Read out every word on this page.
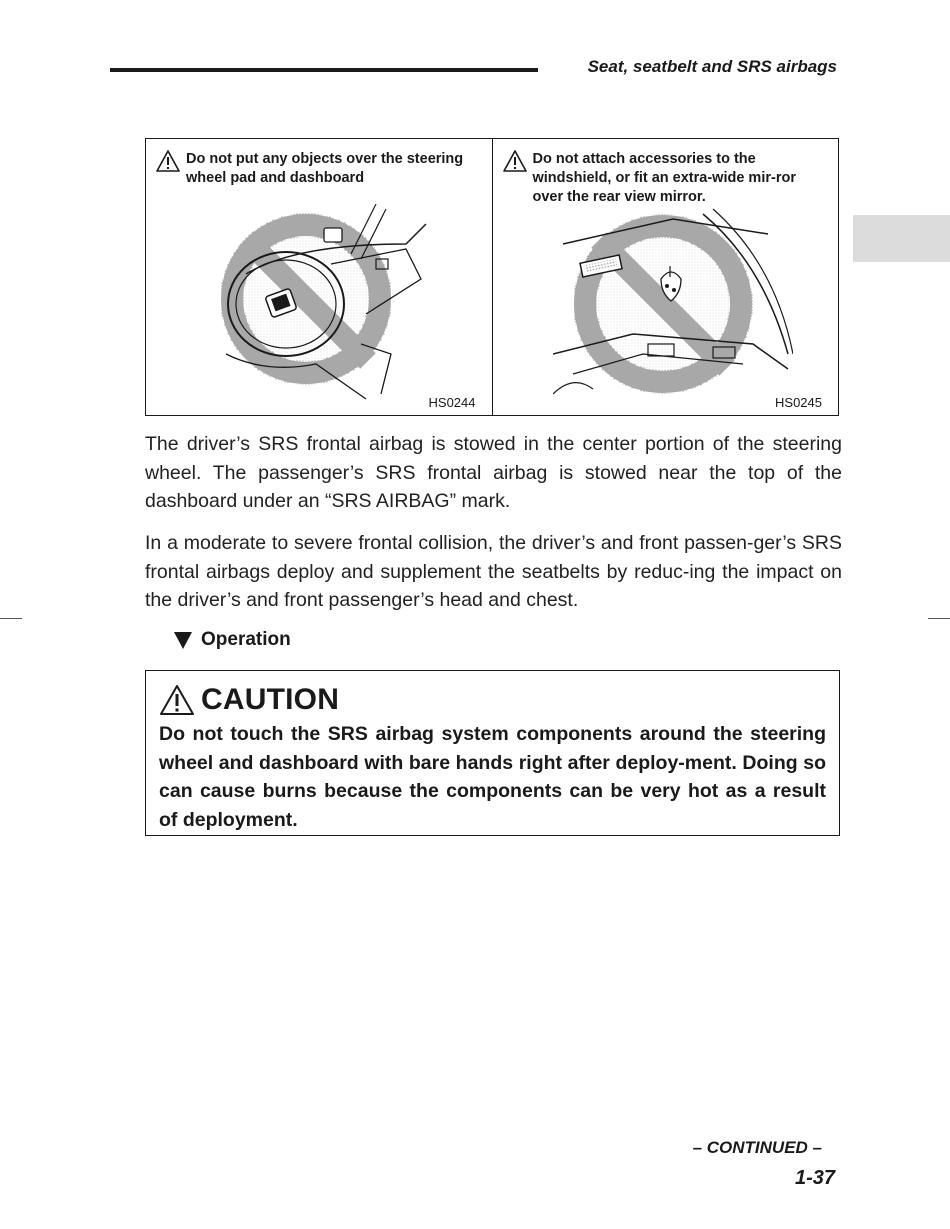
Seat, seatbelt and SRS airbags
Do not put any objects over the steering wheel pad and dashboard
HS0244
Do not attach accessories to the windshield, or fit an extra-wide mir-ror over the rear view mirror.
HS0245

The driver’s SRS frontal airbag is stowed in the center portion of the steering wheel. The passenger’s SRS frontal airbag is stowed near the top of the dashboard under an “SRS AIRBAG” mark.

In a moderate to severe frontal collision, the driver’s and front passen-ger’s SRS frontal airbags deploy and supplement the seatbelts by reduc-ing the impact on the driver’s and front passenger’s head and chest.

Operation
CAUTION

Do not touch the SRS airbag system components around the steering wheel and dashboard with bare hands right after deploy-ment. Doing so can cause burns because the components can be very hot as a result of deployment.

– CONTINUED –
1-37
